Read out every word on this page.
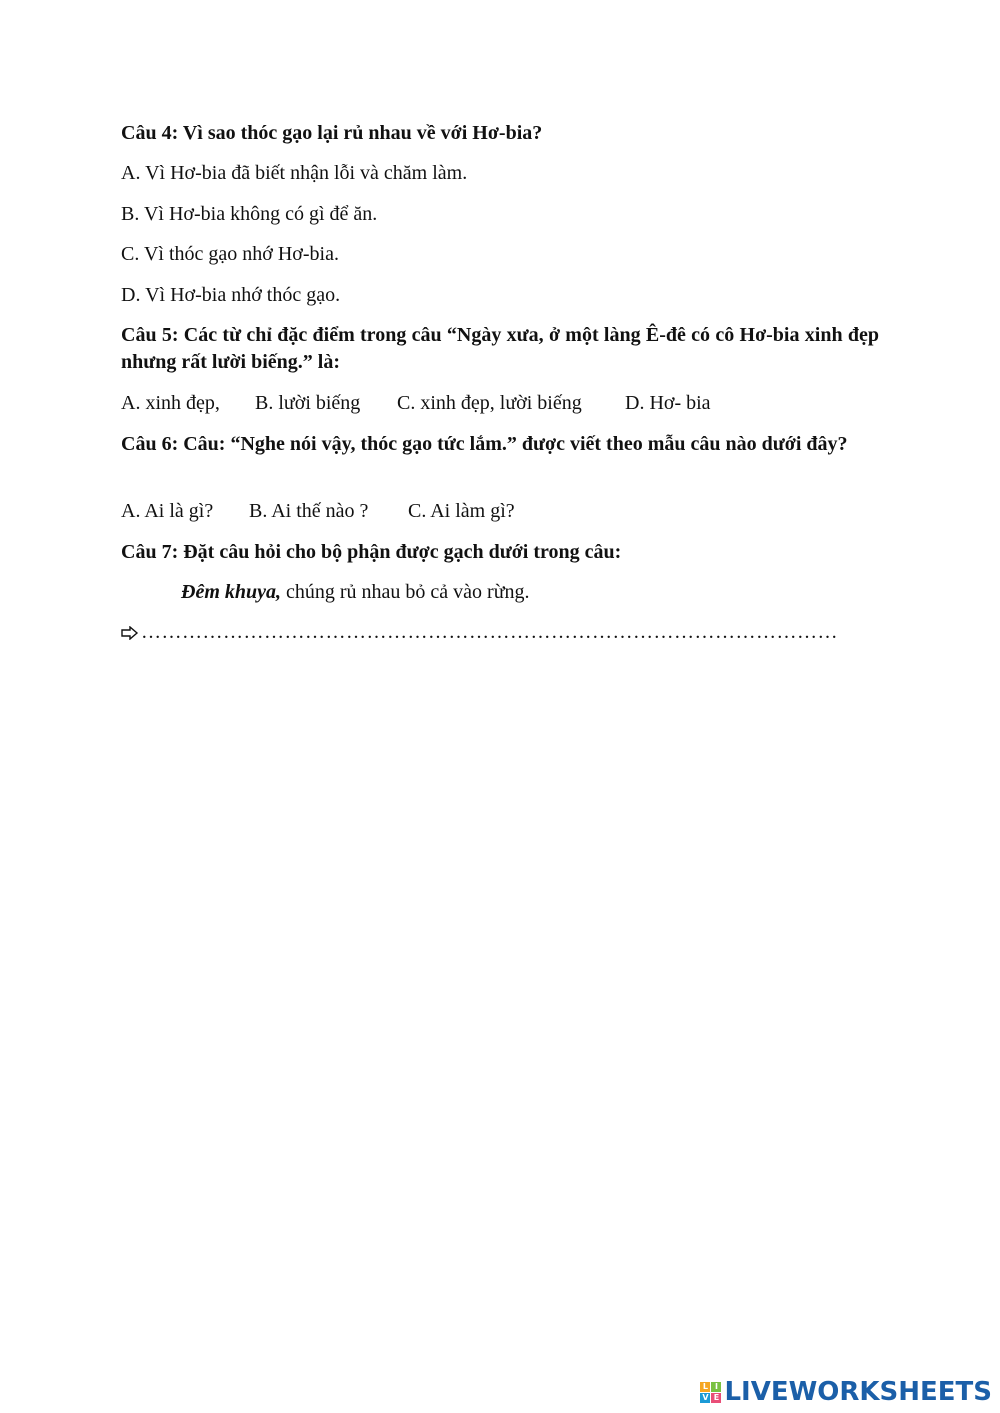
Câu 4: Vì sao thóc gạo lại rủ nhau về với Hơ-bia?

A. Vì Hơ-bia đã biết nhận lỗi và chăm làm.

B. Vì Hơ-bia không có gì để ăn.

C. Vì thóc gạo nhớ Hơ-bia.

D. Vì Hơ-bia nhớ thóc gạo.

Câu 5: Các từ chỉ đặc điểm trong câu “Ngày xưa, ở một làng Ê-đê có cô Hơ-bia xinh đẹp nhưng rất lười biếng.” là:

A. xinh đẹp,	B. lười biếng	C. xinh đẹp, lười biếng	D. Hơ- bia

Câu 6: Câu: “Nghe nói vậy, thóc gạo tức lắm.” được viết theo mẫu câu nào dưới đây?

A. Ai là gì?	B. Ai thế nào ?	C. Ai làm gì?

Câu 7: Đặt câu hỏi cho bộ phận được gạch dưới trong câu:

Đêm khuya, chúng rủ nhau bỏ cả vào rừng.
…………………………………………………………………………………………
L I
V E LIVEWORKSHEETS
